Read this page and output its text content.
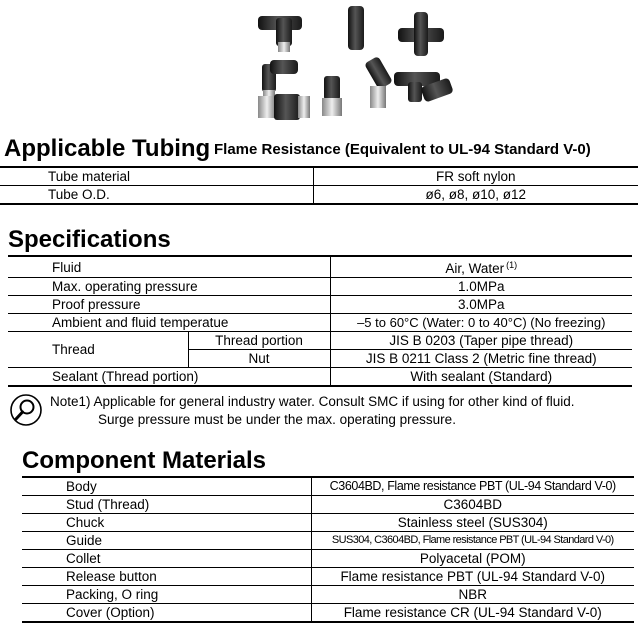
Applicable Tubing Flame Resistance (Equivalent to UL-94 Standard V-0)
Tube material	FR soft nylon
Tube O.D.	ø6, ø8, ø10, ø12
Specifications
Fluid		Air, Water $^{(1)}$
Max. operating pressure		1.0MPa
Proof pressure		3.0MPa
Ambient and fluid temperatue		–5 to 60°C (Water: 0 to 40°C) (No freezing)
Thread	Thread portion	JIS B 0203 (Taper pipe thread)
	Nut	JIS B 0211 Class 2 (Metric fine thread)
Sealant (Thread portion)		With sealant (Standard)
Note1) Applicable for general industry water. Consult SMC if using for other kind of fluid.
Surge pressure must be under the max. operating pressure.
Component Materials
Body	C3604BD, Flame resistance PBT (UL-94 Standard V-0)
Stud (Thread)	C3604BD
Chuck	Stainless steel (SUS304)
Guide	SUS304, C3604BD, Flame resistance PBT (UL-94 Standard V-0)
Collet	Polyacetal (POM)
Release button	Flame resistance PBT (UL-94 Standard V-0)
Packing, O ring	NBR
Cover (Option)	Flame resistance CR (UL-94 Standard V-0)
